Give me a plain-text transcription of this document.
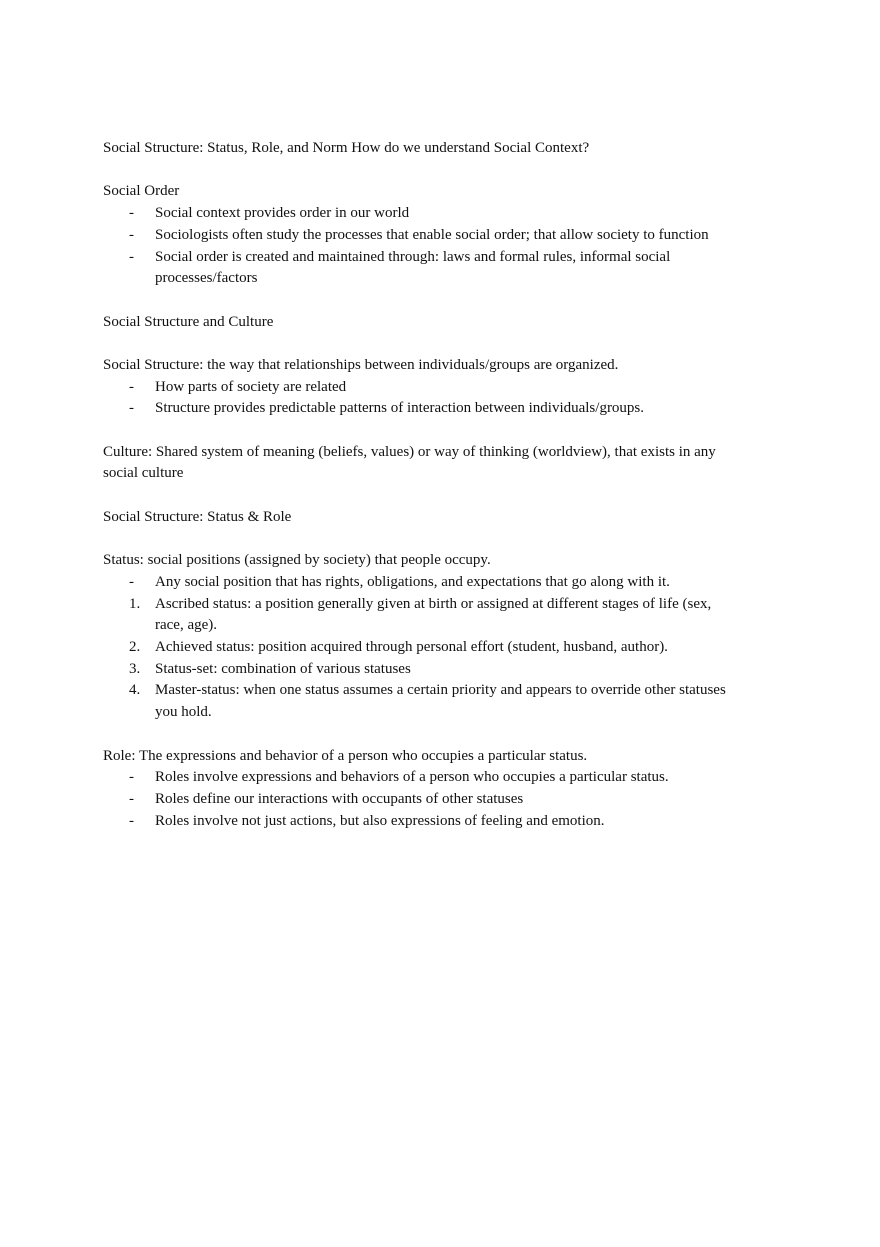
Social Structure: Status, Role, and Norm How do we understand Social Context?

Social Order

- Social context provides order in our world
- Sociologists often study the processes that enable social order; that allow society to function
- Social order is created and maintained through: laws and formal rules, informal social processes/factors

Social Structure and Culture

Social Structure: the way that relationships between individuals/groups are organized.

- How parts of society are related
- Structure provides predictable patterns of interaction between individuals/groups.

Culture: Shared system of meaning (beliefs, values) or way of thinking (worldview), that exists in any social culture

Social Structure: Status & Role

Status: social positions (assigned by society) that people occupy.

- Any social position that has rights, obligations, and expectations that go along with it.
1. Ascribed status: a position generally given at birth or assigned at different stages of life (sex, race, age).
2. Achieved status: position acquired through personal effort (student, husband, author).
3. Status-set: combination of various statuses
4. Master-status: when one status assumes a certain priority and appears to override other statuses you hold.

Role: The expressions and behavior of a person who occupies a particular status.

- Roles involve expressions and behaviors of a person who occupies a particular status.
- Roles define our interactions with occupants of other statuses
- Roles involve not just actions, but also expressions of feeling and emotion.
